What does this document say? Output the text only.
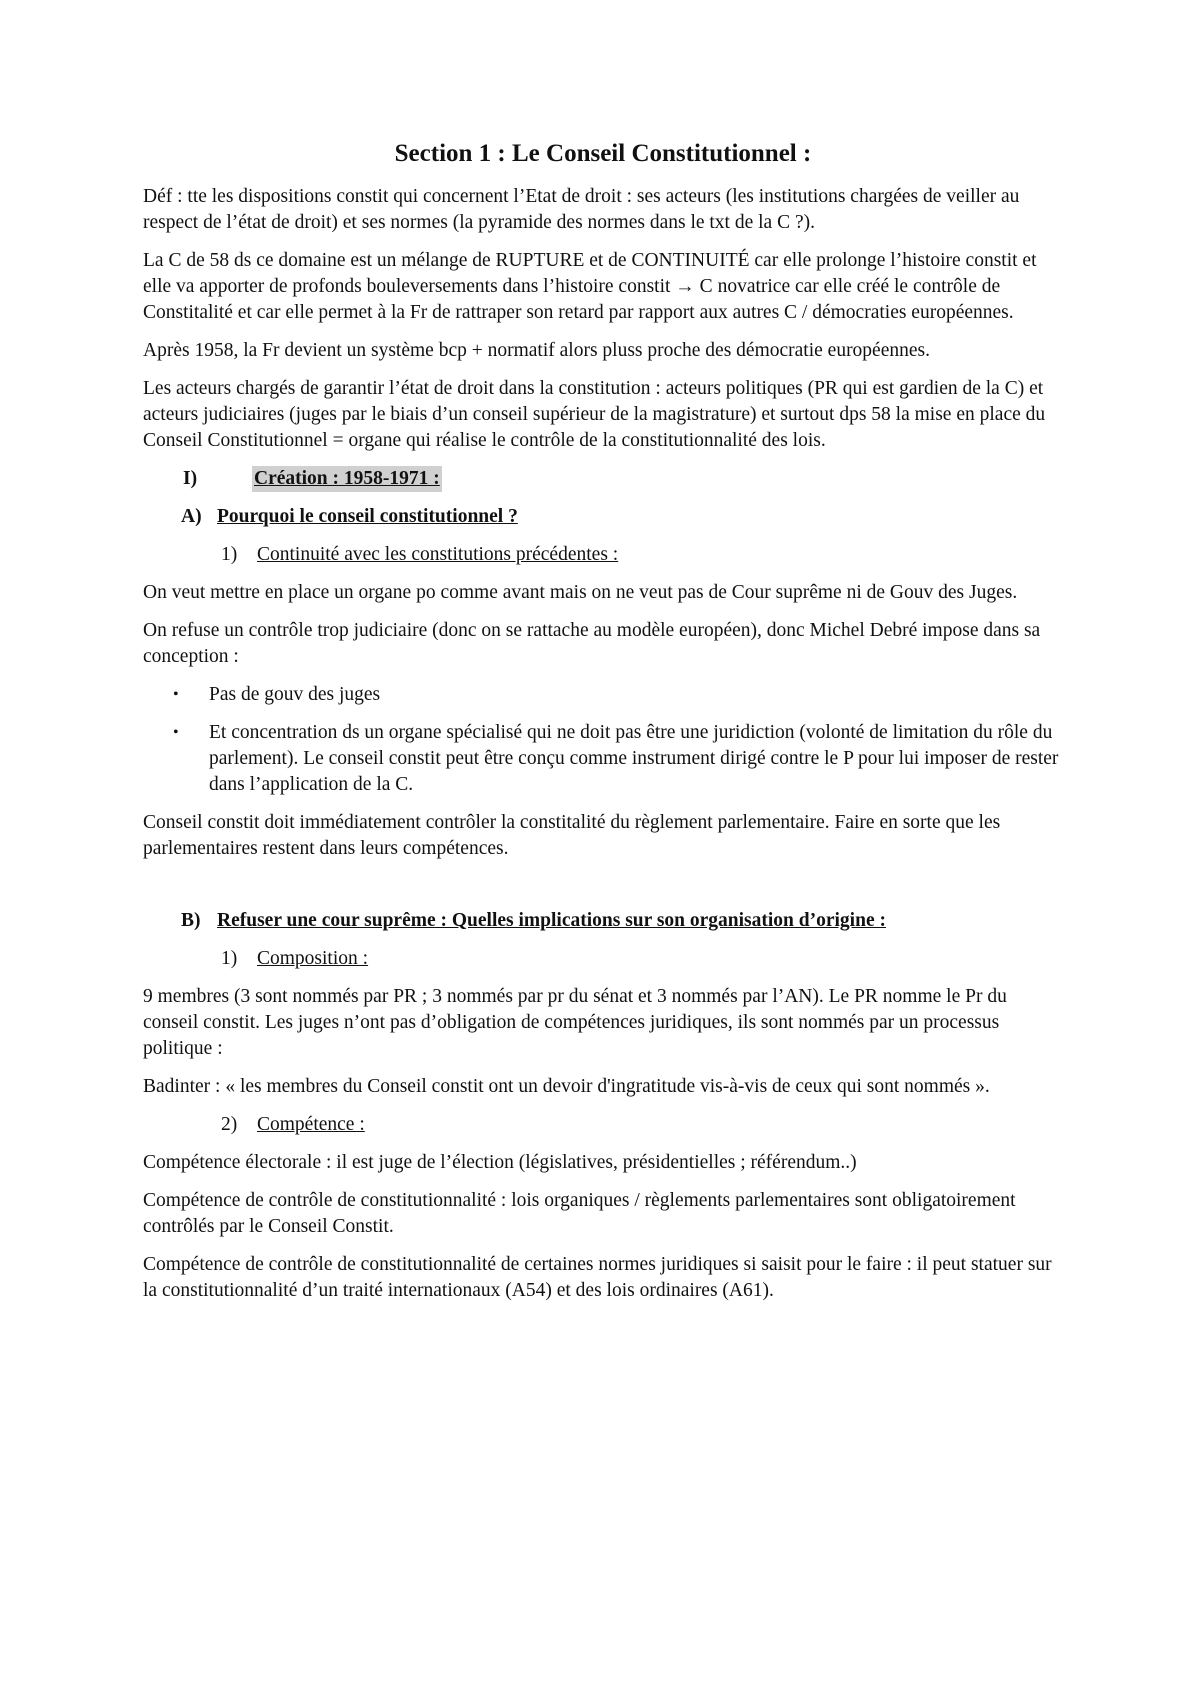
Section 1 : Le Conseil Constitutionnel :

Déf : tte les dispositions constit qui concernent l’Etat de droit : ses acteurs (les institutions chargées de veiller au respect de l’état de droit) et ses normes (la pyramide des normes dans le txt de la C ?).

La C de 58 ds ce domaine est un mélange de RUPTURE et de CONTINUITÉ car elle prolonge l’histoire constit et elle va apporter de profonds bouleversements dans l’histoire constit → C novatrice car elle créé le contrôle de Constitalité et car elle permet à la Fr de rattraper son retard par rapport aux autres C / démocraties européennes.

Après 1958, la Fr devient un système bcp + normatif alors pluss proche des démocratie européennes.

Les acteurs chargés de garantir l’état de droit dans la constitution : acteurs politiques (PR qui est gardien de la C) et acteurs judiciaires (juges par le biais d’un conseil supérieur de la magistrature) et surtout dps 58 la mise en place du Conseil Constitutionnel = organe qui réalise le contrôle de la constitutionnalité des lois.

I)	Création : 1958-1971 :
A) Pourquoi le conseil constitutionnel ?
1)	Continuité avec les constitutions précédentes :

On veut mettre en place un organe po comme avant mais on ne veut pas de Cour suprême ni de Gouv des Juges.

On refuse un contrôle trop judiciaire (donc on se rattache au modèle européen), donc Michel Debré impose dans sa conception :

• Pas de gouv des juges
• Et concentration ds un organe spécialisé qui ne doit pas être une juridiction (volonté de limitation du rôle du parlement). Le conseil constit peut être conçu comme instrument dirigé contre le P pour lui imposer de rester dans l’application de la C.

Conseil constit doit immédiatement contrôler la constitalité du règlement parlementaire. Faire en sorte que les parlementaires restent dans leurs compétences.

B) Refuser une cour suprême : Quelles implications sur son organisation d’origine :
1)	Composition :

9 membres (3 sont nommés par PR ; 3 nommés par pr du sénat et 3 nommés par l’AN). Le PR nomme le Pr du conseil constit. Les juges n’ont pas d’obligation de compétences juridiques, ils sont nommés par un processus politique :

Badinter : « les membres du Conseil constit ont un devoir d'ingratitude vis-à-vis de ceux qui sont nommés ».

2)	Compétence :

Compétence électorale : il est juge de l’élection (législatives, présidentielles ; référendum..)

Compétence de contrôle de constitutionnalité : lois organiques / règlements parlementaires sont obligatoirement contrôlés par le Conseil Constit.

Compétence de contrôle de constitutionnalité de certaines normes juridiques si saisit pour le faire : il peut statuer sur la constitutionnalité d’un traité internationaux (A54) et des lois ordinaires (A61).
